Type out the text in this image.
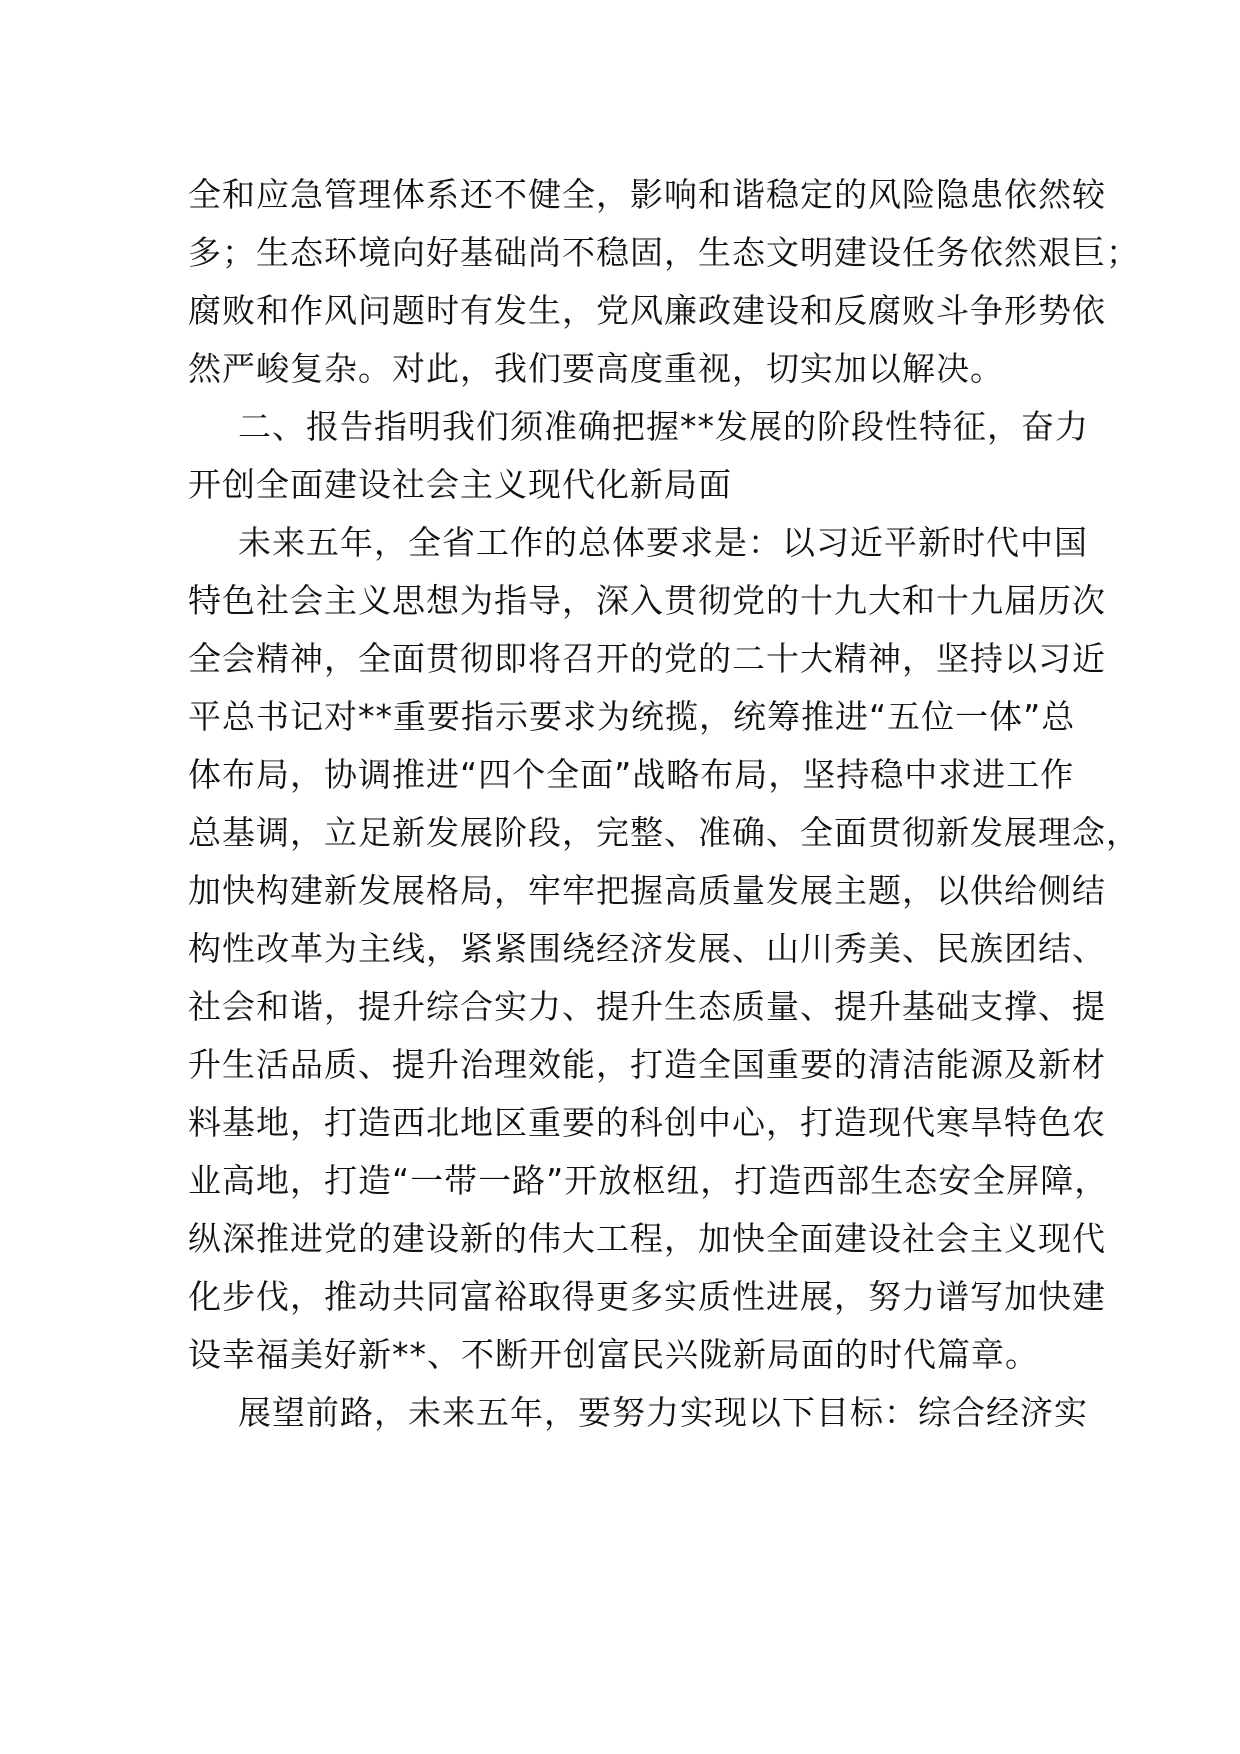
全和应急管理体系还不健全，影响和谐稳定的风险隐患依然较
多；生态环境向好基础尚不稳固，生态文明建设任务依然艰巨；
腐败和作风问题时有发生，党风廉政建设和反腐败斗争形势依
然严峻复杂。对此，我们要高度重视，切实加以解决。
二、报告指明我们须准确把握**发展的阶段性特征，奋力
开创全面建设社会主义现代化新局面
未来五年，全省工作的总体要求是：以习近平新时代中国
特色社会主义思想为指导，深入贯彻党的十九大和十九届历次
全会精神，全面贯彻即将召开的党的二十大精神，坚持以习近
平总书记对**重要指示要求为统揽，统筹推进“五位一体”总
体布局，协调推进“四个全面”战略布局，坚持稳中求进工作
总基调，立足新发展阶段，完整、准确、全面贯彻新发展理念，
加快构建新发展格局，牢牢把握高质量发展主题，以供给侧结
构性改革为主线，紧紧围绕经济发展、山川秀美、民族团结、
社会和谐，提升综合实力、提升生态质量、提升基础支撑、提
升生活品质、提升治理效能，打造全国重要的清洁能源及新材
料基地，打造西北地区重要的科创中心，打造现代寒旱特色农
业高地，打造“一带一路”开放枢纽，打造西部生态安全屏障，
纵深推进党的建设新的伟大工程，加快全面建设社会主义现代
化步伐，推动共同富裕取得更多实质性进展，努力谱写加快建
设幸福美好新**、不断开创富民兴陇新局面的时代篇章。
展望前路，未来五年，要努力实现以下目标：综合经济实
